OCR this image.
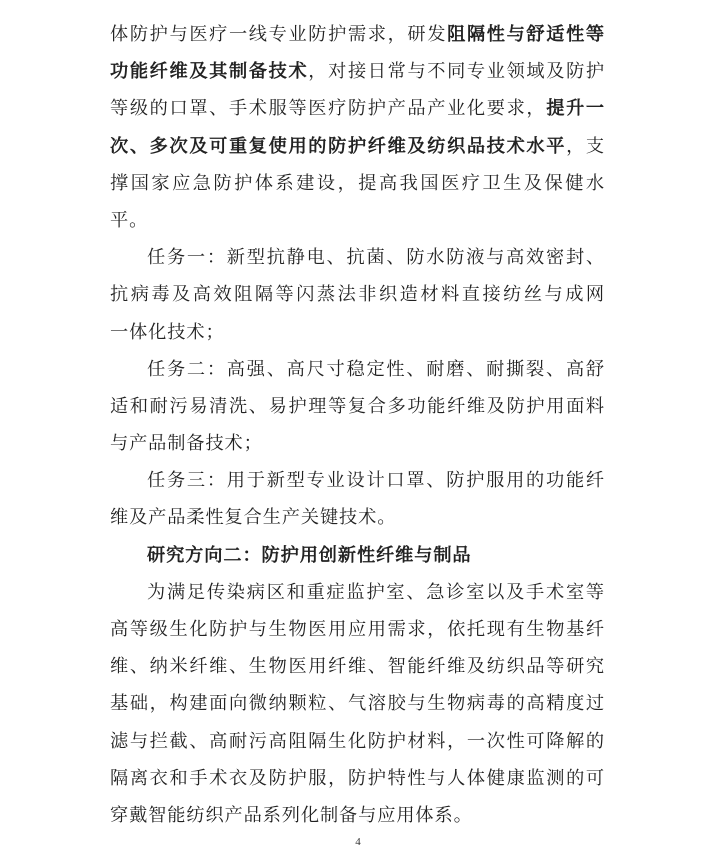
体防护与医疗一线专业防护需求，研发阻隔性与舒适性等
功能纤维及其制备技术，对接日常与不同专业领域及防护
等级的口罩、手术服等医疗防护产品产业化要求，提升一
次、多次及可重复使用的防护纤维及纺织品技术水平，支
撑国家应急防护体系建设，提高我国医疗卫生及保健水
平。
任务一：新型抗静电、抗菌、防水防液与高效密封、
抗病毒及高效阻隔等闪蒸法非织造材料直接纺丝与成网
一体化技术；
任务二：高强、高尺寸稳定性、耐磨、耐撕裂、高舒
适和耐污易清洗、易护理等复合多功能纤维及防护用面料
与产品制备技术；
任务三：用于新型专业设计口罩、防护服用的功能纤
维及产品柔性复合生产关键技术。
研究方向二：防护用创新性纤维与制品
为满足传染病区和重症监护室、急诊室以及手术室等
高等级生化防护与生物医用应用需求，依托现有生物基纤
维、纳米纤维、生物医用纤维、智能纤维及纺织品等研究
基础，构建面向微纳颗粒、气溶胶与生物病毒的高精度过
滤与拦截、高耐污高阻隔生化防护材料，一次性可降解的
隔离衣和手术衣及防护服，防护特性与人体健康监测的可
穿戴智能纺织产品系列化制备与应用体系。
4
